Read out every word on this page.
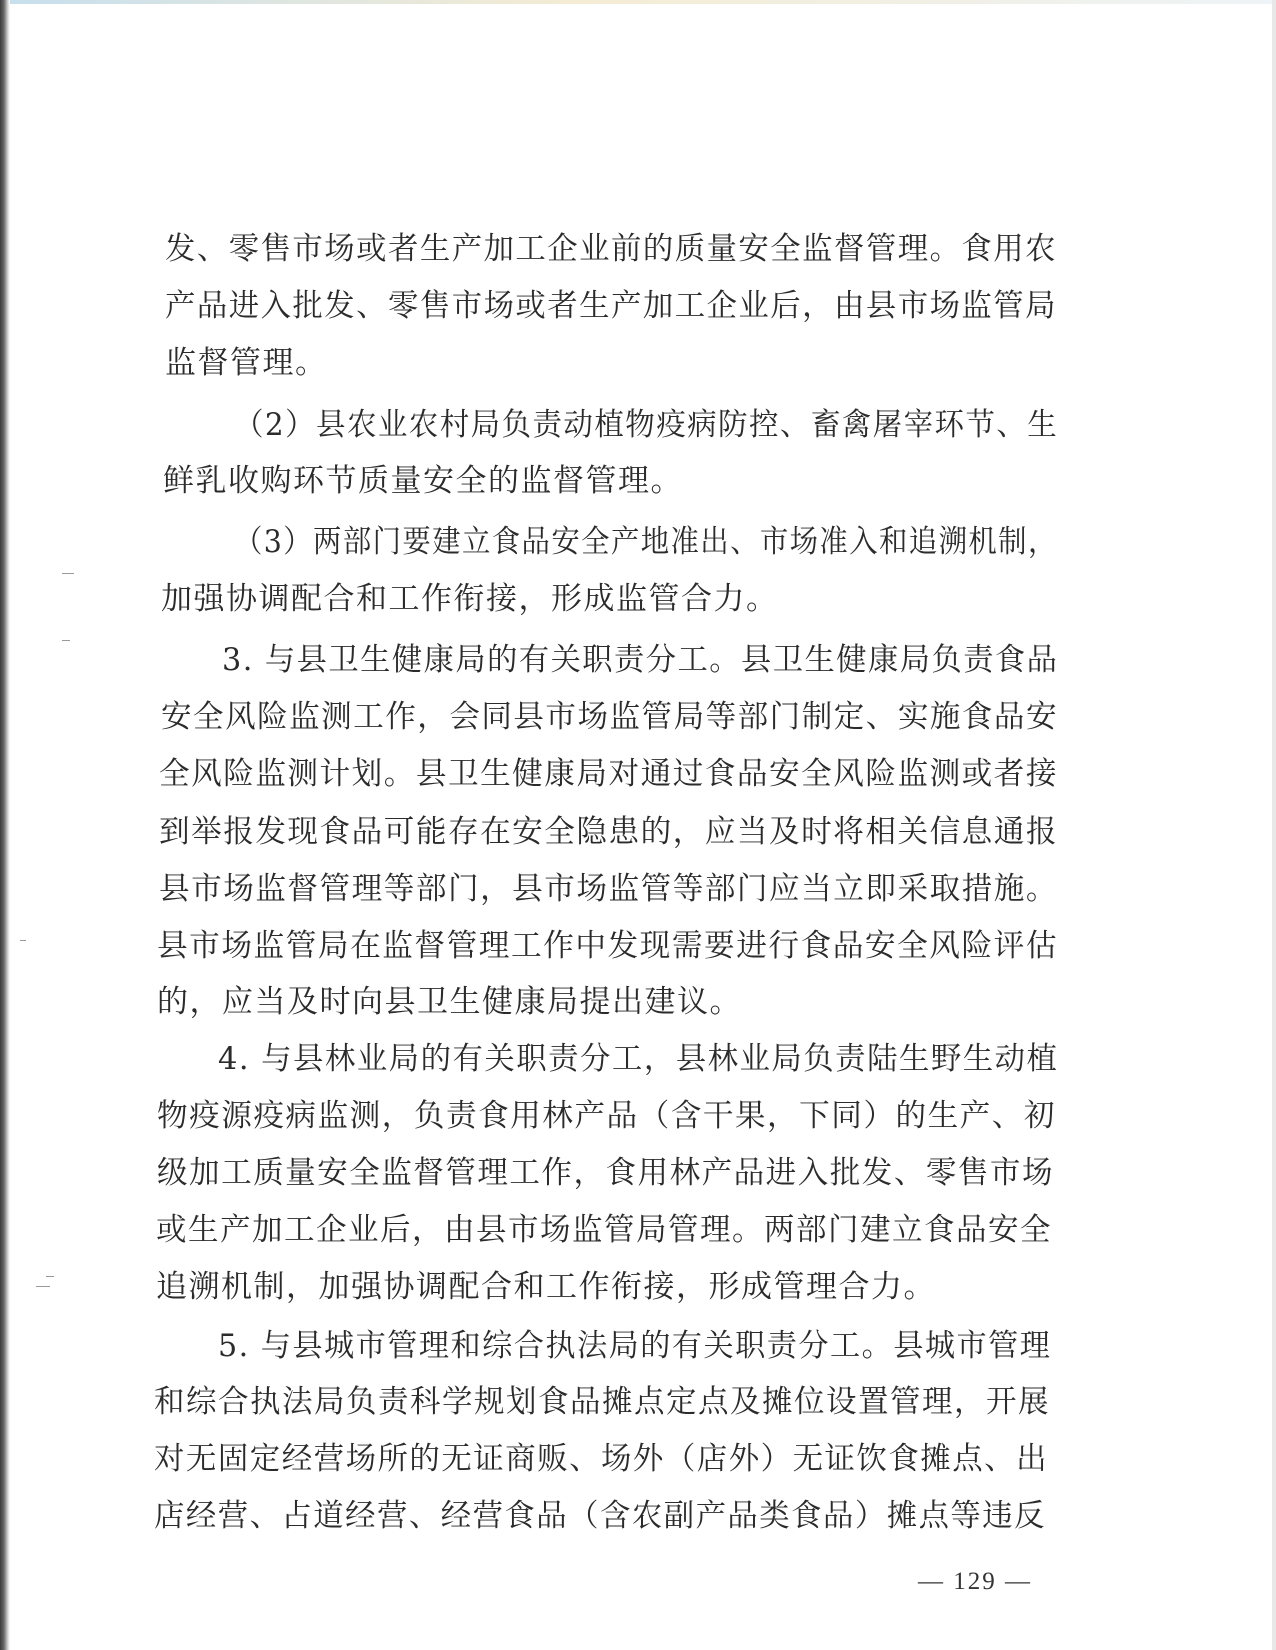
发、零售市场或者生产加工企业前的质量安全监督管理。食用农
产品进入批发、零售市场或者生产加工企业后，由县市场监管局
监督管理。
（2）县农业农村局负责动植物疫病防控、畜禽屠宰环节、生
鲜乳收购环节质量安全的监督管理。
（3）两部门要建立食品安全产地准出、市场准入和追溯机制，
加强协调配合和工作衔接，形成监管合力。
3. 与县卫生健康局的有关职责分工。县卫生健康局负责食品
安全风险监测工作，会同县市场监管局等部门制定、实施食品安
全风险监测计划。县卫生健康局对通过食品安全风险监测或者接
到举报发现食品可能存在安全隐患的，应当及时将相关信息通报
县市场监督管理等部门，县市场监管等部门应当立即采取措施。
县市场监管局在监督管理工作中发现需要进行食品安全风险评估
的，应当及时向县卫生健康局提出建议。
4. 与县林业局的有关职责分工，县林业局负责陆生野生动植
物疫源疫病监测，负责食用林产品（含干果，下同）的生产、初
级加工质量安全监督管理工作，食用林产品进入批发、零售市场
或生产加工企业后，由县市场监管局管理。两部门建立食品安全
追溯机制，加强协调配合和工作衔接，形成管理合力。
5. 与县城市管理和综合执法局的有关职责分工。县城市管理
和综合执法局负责科学规划食品摊点定点及摊位设置管理，开展
对无固定经营场所的无证商贩、场外（店外）无证饮食摊点、出
店经营、占道经营、经营食品（含农副产品类食品）摊点等违反
— 129 —
